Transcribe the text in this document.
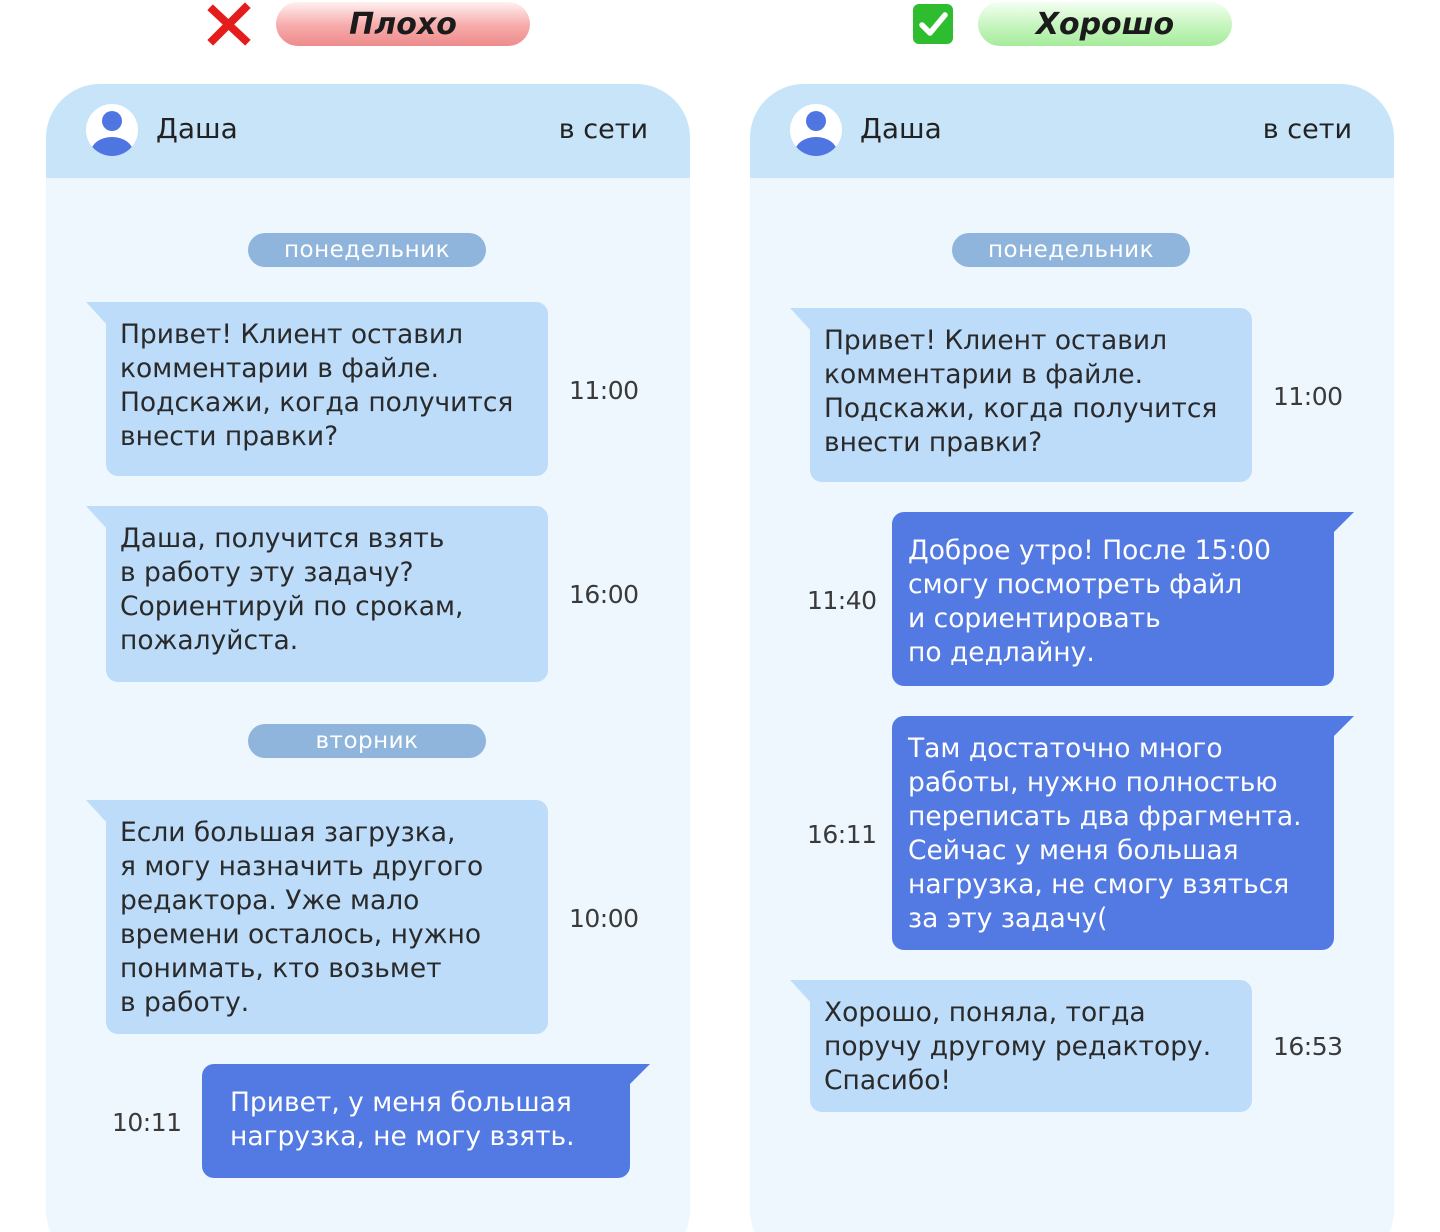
Плохо	Хорошо
Даша	в сети
понедельник
Привет! Клиент оставил
комментарии в файле.
Подскажи, когда получится
внести правки?
11:00
Даша, получится взять
в работу эту задачу?
Сориентируй по срокам,
пожалуйста.
16:00
вторник
Если большая загрузка,
я могу назначить другого
редактора. Уже мало
времени осталось, нужно
понимать, кто возьмет
в работу.
10:00
Привет, у меня большая
нагрузка, не могу взять.
10:11
Даша	в сети
понедельник
Привет! Клиент оставил
комментарии в файле.
Подскажи, когда получится
внести правки?
11:00
Доброе утро! После 15:00
смогу посмотреть файл
и сориентировать
по дедлайну.
11:40
Там достаточно много
работы, нужно полностью
переписать два фрагмента.
Сейчас у меня большая
нагрузка, не смогу взяться
за эту задачу(
16:11
Хорошо, поняла, тогда
поручу другому редактору.
Спасибо!
16:53
